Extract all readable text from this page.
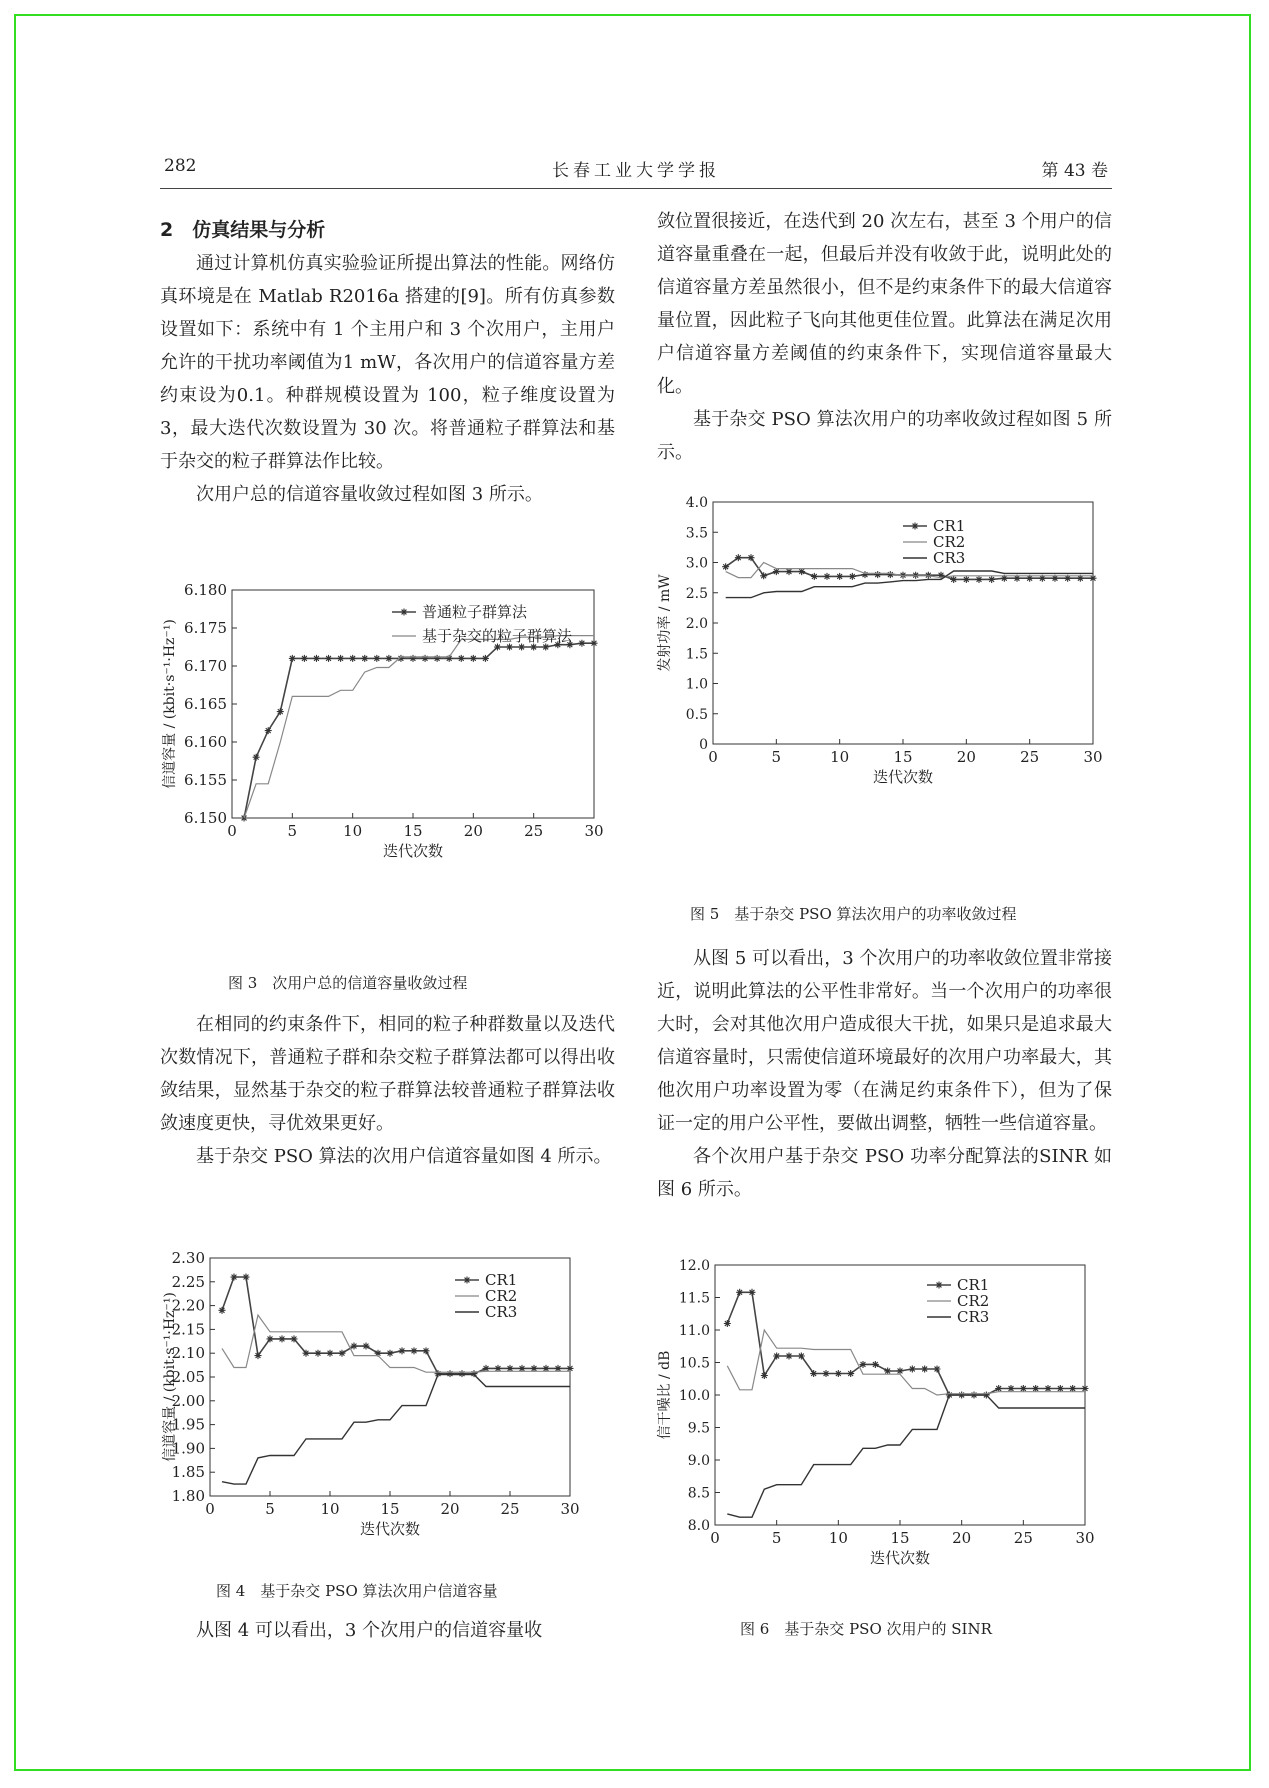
282	长春工业大学学报	第 43 卷

2　仿真结果与分析

通过计算机仿真实验验证所提出算法的性能。网络仿真环境是在 Matlab R2016a 搭建的[9]。所有仿真参数设置如下：系统中有 1 个主用户和 3 个次用户，主用户允许的干扰功率阈值为1 mW，各次用户的信道容量方差约束设为0.1。种群规模设置为 100，粒子维度设置为 3，最大迭代次数设置为 30 次。将普通粒子群算法和基于杂交的粒子群算法作比较。

次用户总的信道容量收敛过程如图 3 所示。

6.150
6.155
6.160
6.165
6.170
6.175
6.180
0	5	10	15	20	25	30
迭代次数
信道容量 / (kbit·s⁻¹·Hz⁻¹)
普通粒子群算法
基于杂交的粒子群算法
图 3　次用户总的信道容量收敛过程

在相同的约束条件下，相同的粒子种群数量以及迭代次数情况下，普通粒子群和杂交粒子群算法都可以得出收敛结果，显然基于杂交的粒子群算法较普通粒子群算法收敛速度更快，寻优效果更好。

基于杂交 PSO 算法的次用户信道容量如图 4 所示。

1.80
1.85
1.90
1.95
2.00
2.05
2.10
2.15
2.20
2.25
2.30
0	5	10	15	20	25	30
迭代次数
信道容量 / (kbit·s⁻¹·Hz⁻¹)
CR1
CR2
CR3
图 4　基于杂交 PSO 算法次用户信道容量

从图 4 可以看出，3 个次用户的信道容量收

敛位置很接近，在迭代到 20 次左右，甚至 3 个用户的信道容量重叠在一起，但最后并没有收敛于此，说明此处的信道容量方差虽然很小，但不是约束条件下的最大信道容量位置，因此粒子飞向其他更佳位置。此算法在满足次用户信道容量方差阈值的约束条件下，实现信道容量最大化。

基于杂交 PSO 算法次用户的功率收敛过程如图 5 所示。

0
0.5
1.0
1.5
2.0
2.5
3.0
3.5
4.0
0	5	10	15	20	25	30
迭代次数
发射功率 / mW
CR1
CR2
CR3
图 5　基于杂交 PSO 算法次用户的功率收敛过程

从图 5 可以看出，3 个次用户的功率收敛位置非常接近，说明此算法的公平性非常好。当一个次用户的功率很大时，会对其他次用户造成很大干扰，如果只是追求最大信道容量时，只需使信道环境最好的次用户功率最大，其他次用户功率设置为零（在满足约束条件下），但为了保证一定的用户公平性，要做出调整，牺牲一些信道容量。

各个次用户基于杂交 PSO 功率分配算法的SINR 如图 6 所示。

8.0
8.5
9.0
9.5
10.0
10.5
11.0
11.5
12.0
0	5	10	15	20	25	30
迭代次数
信干噪比 / dB
CR1
CR2
CR3
图 6　基于杂交 PSO 次用户的 SINR
